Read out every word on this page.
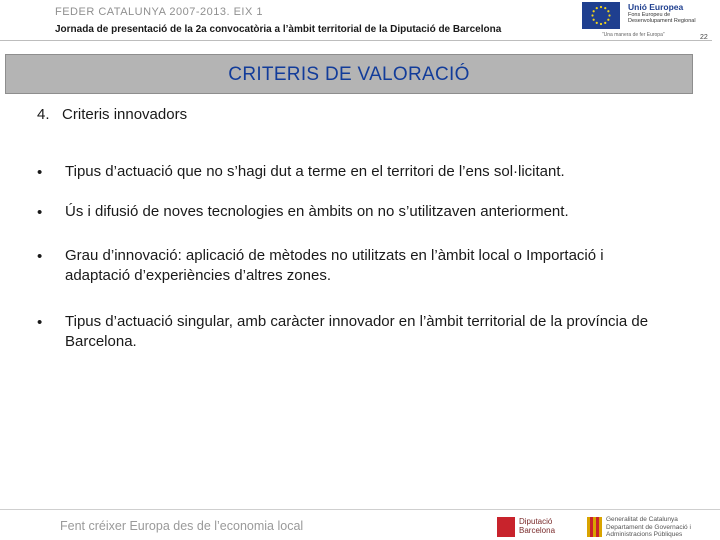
FEDER CATALUNYA 2007-2013. EIX 1
Jornada de presentació de la 2a convocatòria a l’àmbit territorial de la Diputació de Barcelona
22
Unió Europea
Fons Europeu de Desenvolupament Regional
“Una manera de fer Europa”
CRITERIS DE VALORACIÓ
4. Criteris innovadors
• Tipus d’actuació que no s’hagi dut a terme en el territori de l’ens sol·licitant.
• Ús i difusió de noves tecnologies en àmbits on no s’utilitzaven anteriorment.
• Grau d’innovació: aplicació de mètodes no utilitzats en l’àmbit local o Importació i adaptació d’experiències d’altres zones.
• Tipus d’actuació singular, amb caràcter innovador en l’àmbit territorial de la província de Barcelona.
Fent créixer Europa des de l’economia local	Diputació Barcelona
Generalitat de Catalunya Departament de Governació i Administracions Públiques
